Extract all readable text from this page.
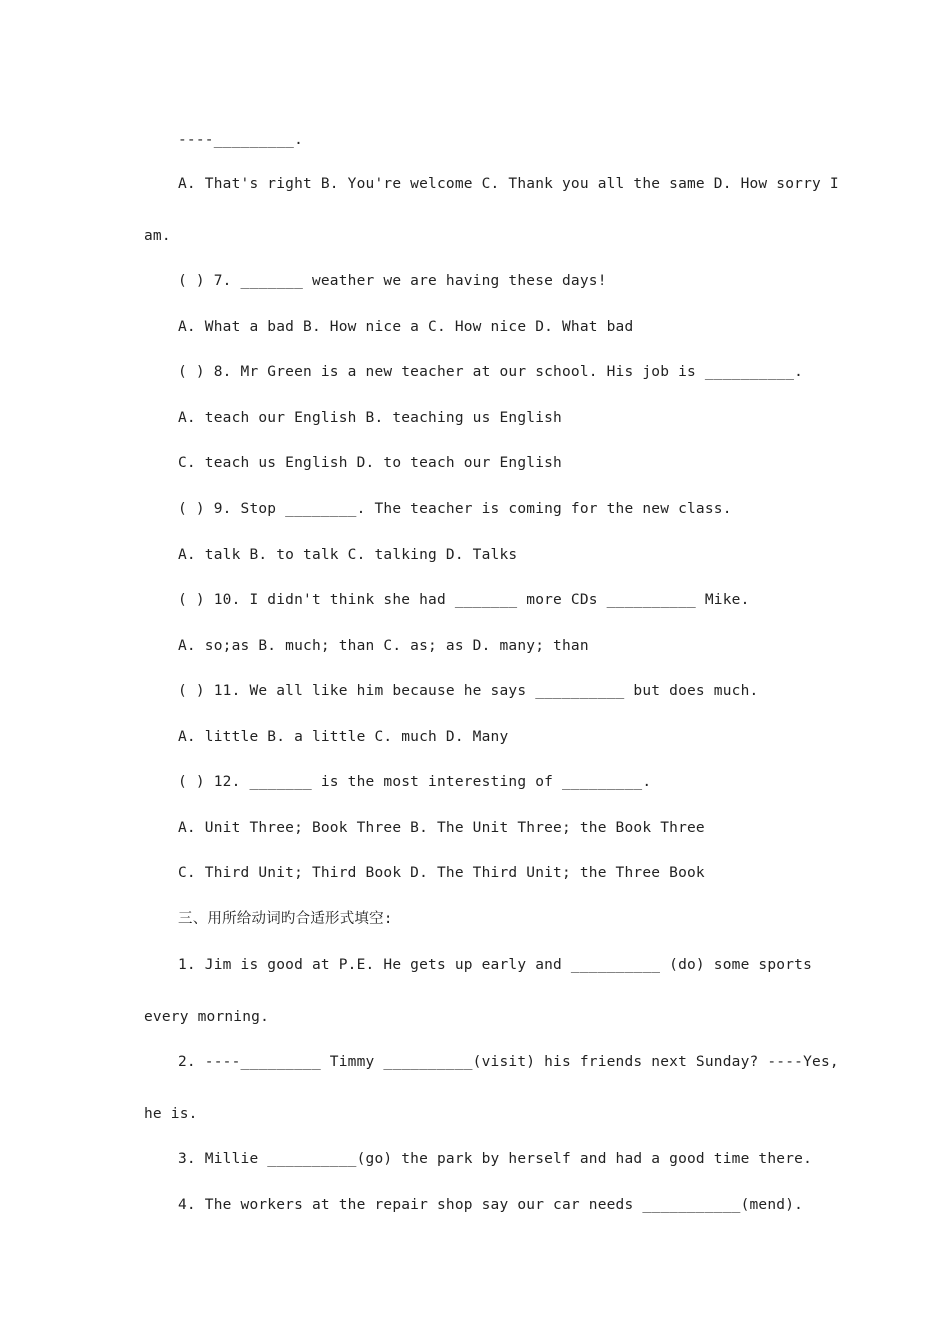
----_________.
A. That's right B. You're welcome C. Thank you all the same D. How sorry I
am.
( ) 7. _______ weather we are having these days!
A. What a bad B. How nice a C. How nice D. What bad
( ) 8. Mr Green is a new teacher at our school. His job is __________.
A. teach our English B. teaching us English
C. teach us English D. to teach our English
( ) 9. Stop ________. The teacher is coming for the new class.
A. talk B. to talk C. talking D. Talks
( ) 10. I didn't think she had _______ more CDs __________ Mike.
A. so;as B. much; than C. as; as D. many; than
( ) 11. We all like him because he says __________ but does much.
A. little B. a little C. much D. Many
( ) 12. _______ is the most interesting of _________.
A. Unit Three; Book Three B. The Unit Three; the Book Three
C. Third Unit; Third Book D. The Third Unit; the Three Book
三、用所给动词旳合适形式填空:
1. Jim is good at P.E. He gets up early and __________ (do) some sports
every morning.
2. ----_________ Timmy __________(visit) his friends next Sunday? ----Yes,
he is.
3. Millie __________(go) the park by herself and had a good time there.
4. The workers at the repair shop say our car needs ___________(mend).
